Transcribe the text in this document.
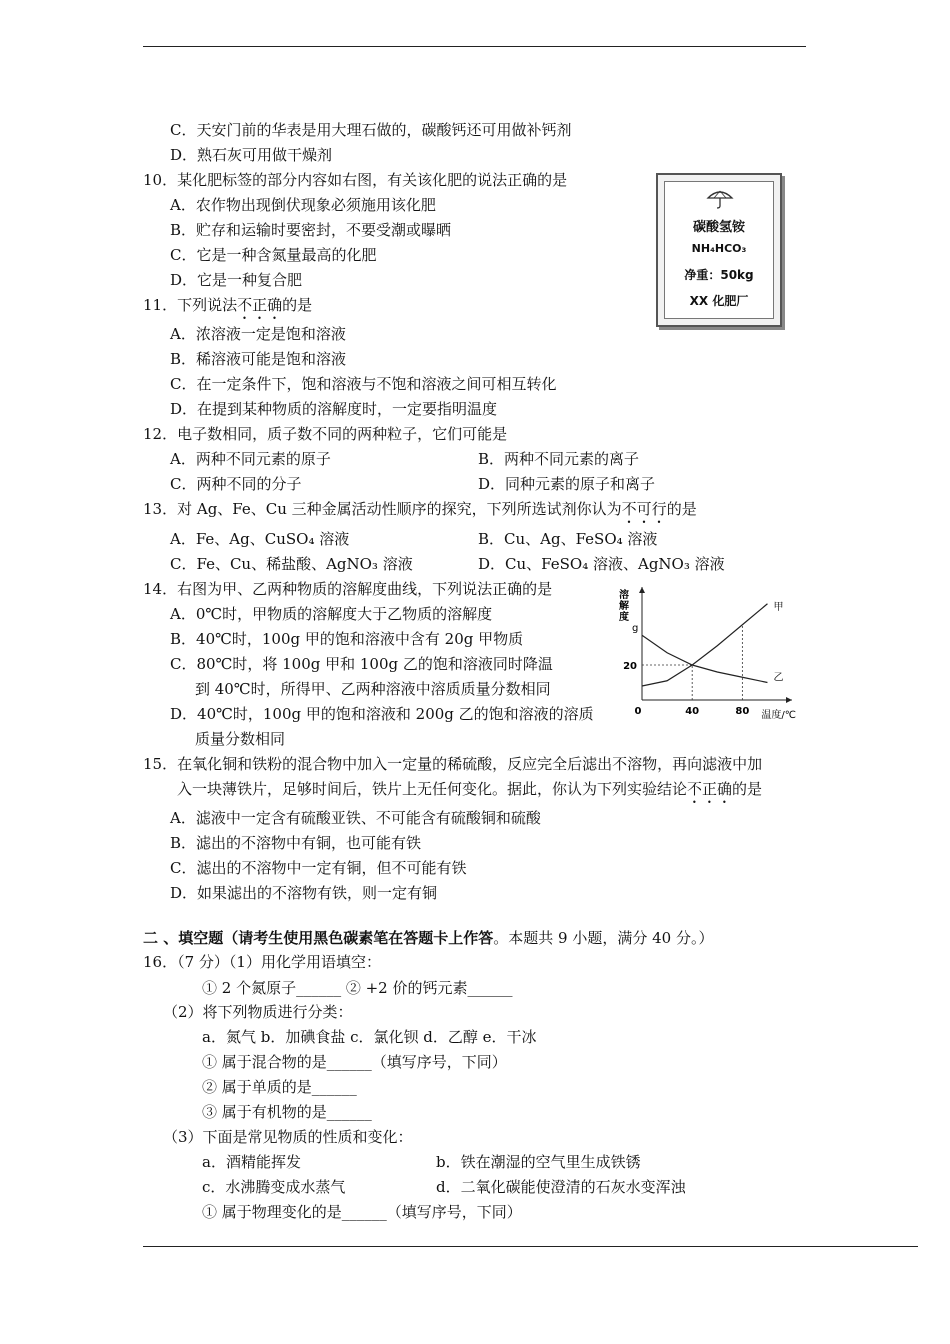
C．天安门前的华表是用大理石做的，碳酸钙还可用做补钙剂
D．熟石灰可用做干燥剂
10．某化肥标签的部分内容如右图，有关该化肥的说法正确的是
A．农作物出现倒伏现象必须施用该化肥
B．贮存和运输时要密封，不要受潮或曝晒
C．它是一种含氮量最高的化肥
D．它是一种复合肥
碳酸氢铵
NH₄HCO₃
净重：50kg
XX 化肥厂
11．下列说法不正确的是
A．浓溶液一定是饱和溶液
B．稀溶液可能是饱和溶液
C．在一定条件下，饱和溶液与不饱和溶液之间可相互转化
D．在提到某种物质的溶解度时，一定要指明温度
12．电子数相同，质子数不同的两种粒子，它们可能是
A．两种不同元素的原子	B．两种不同元素的离子
C．两种不同的分子	D．同种元素的原子和离子
13．对 Ag、Fe、Cu 三种金属活动性顺序的探究，下列所选试剂你认为不可行的是
A．Fe、Ag、CuSO₄ 溶液	B．Cu、Ag、FeSO₄ 溶液
C．Fe、Cu、稀盐酸、AgNO₃ 溶液	D．Cu、FeSO₄ 溶液、AgNO₃ 溶液
14．右图为甲、乙两种物质的溶解度曲线，下列说法正确的是
A．0℃时，甲物质的溶解度大于乙物质的溶解度
B．40℃时，100g 甲的饱和溶液中含有 20g 甲物质
C．80℃时，将 100g 甲和 100g 乙的饱和溶液同时降温
到 40℃时，所得甲、乙两种溶液中溶质质量分数相同
D．40℃时，100g 甲的饱和溶液和 200g 乙的饱和溶液的溶质
质量分数相同
溶
解
度
g
温度/℃
0	40	80
20
甲
乙
15．在氧化铜和铁粉的混合物中加入一定量的稀硫酸，反应完全后滤出不溶物，再向滤液中加
入一块薄铁片，足够时间后，铁片上无任何变化。据此，你认为下列实验结论不正确的是
A．滤液中一定含有硫酸亚铁、不可能含有硫酸铜和硫酸
B．滤出的不溶物中有铜，也可能有铁
C．滤出的不溶物中一定有铜，但不可能有铁
D．如果滤出的不溶物有铁，则一定有铜
二 、填空题（请考生使用黑色碳素笔在答题卡上作答。本题共 9 小题，满分 40 分。）
16．（7 分）（1）用化学用语填空：
① 2 个氮原子______ ② +2 价的钙元素______
（2）将下列物质进行分类：
a．氮气 b．加碘食盐 c．氯化钡 d．乙醇 e．干冰
① 属于混合物的是______（填写序号，下同）
② 属于单质的是______
③ 属于有机物的是______
（3）下面是常见物质的性质和变化：
a．酒精能挥发	b．铁在潮湿的空气里生成铁锈
c．水沸腾变成水蒸气	d．二氧化碳能使澄清的石灰水变浑浊
① 属于物理变化的是______（填写序号，下同）
